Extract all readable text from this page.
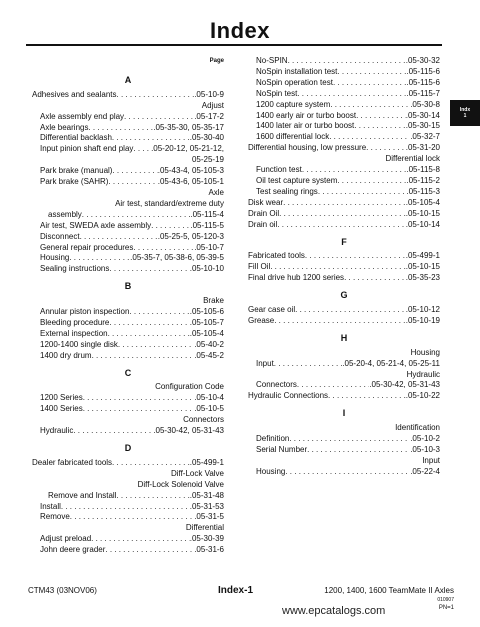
Index
Page
A
Adhesives and sealants . . .	.05-10-9
Adjust
Axle assembly end play . . .	.05-17-2
Axle bearings . . .	.05-35-30, 05-35-17
Differential backlash . . .	.05-30-40
Input pinion shaft end play . . . .05-20-12, 05-21-12,
05-25-19
Park brake (manual) . . .	.05-43-4, 05-105-3
Park brake (SAHR) . . .	.05-43-6, 05-105-1
Axle
Air test, standard/extreme duty
assembly . . .	.05-115-4
Air test, SWEDA axle assembly . . .	.05-115-5
Disconnect . . .	.05-25-5, 05-120-3
General repair procedures . . .	.05-10-7
Housing . . .	.05-35-7, 05-38-6, 05-39-5
Sealing instructions . . .	.05-10-10
B
Brake
Annular piston inspection . . .	.05-105-6
Bleeding procedure . . .	.05-105-7
External inspection . . .	.05-105-4
1200-1400 single disk . . .	.05-40-2
1400 dry drum . . .	.05-45-2
C
Configuration Code
1200 Series . . .	.05-10-4
1400 Series . . .	.05-10-5
Connectors
Hydraulic . . .	.05-30-42, 05-31-43
D
Dealer fabricated tools . . .	.05-499-1
Diff-Lock Valve
Diff-Lock Solenoid Valve
Remove and Install . . .	.05-31-48
Install . . .	.05-31-53
Remove . . .	.05-31-5
Differential
Adjust preload . . .	.05-30-39
John deere grader . . .	.05-31-6
No-SPIN . . .	.05-30-32
NoSpin installation test . . .	.05-115-6
NoSpin operation test . . .	.05-115-6
NoSpin test . . .	.05-115-7
1200 capture system . . .	.05-30-8
1400 early air or turbo boost . . .	.05-30-14
1400 later air or turbo boost . . .	.05-30-15
1600 differential lock . . .	.05-32-7
Differential housing, low pressure . . .	.05-31-20
Differential lock
Function test . . .	.05-115-8
Oil test capture system . . .	.05-115-2
Test sealing rings . . .	.05-115-3
Disk wear . . .	.05-105-4
Drain Oil . . .	.05-10-15
Drain oil . . .	.05-10-14
F
Fabricated tools . . .	.05-499-1
Fill Oil . . .	.05-10-15
Final drive hub 1200 series . . .	.05-35-23
G
Gear case oil . . .	.05-10-12
Grease . . .	.05-10-19
H
Housing
Input . . .	.05-20-4, 05-21-4, 05-25-11
Hydraulic
Connectors . . .	.05-30-42, 05-31-43
Hydraulic Connections . . .	.05-10-22
I
Identification
Definition . . .	.05-10-2
Serial Number . . .	.05-10-3
Input
Housing . . .	.05-22-4
Indx
1
CTM43 (03NOV06)	Index-1	1200, 1400, 1600 TeamMate II Axles
010907
PN=1
www.epcatalogs.com
